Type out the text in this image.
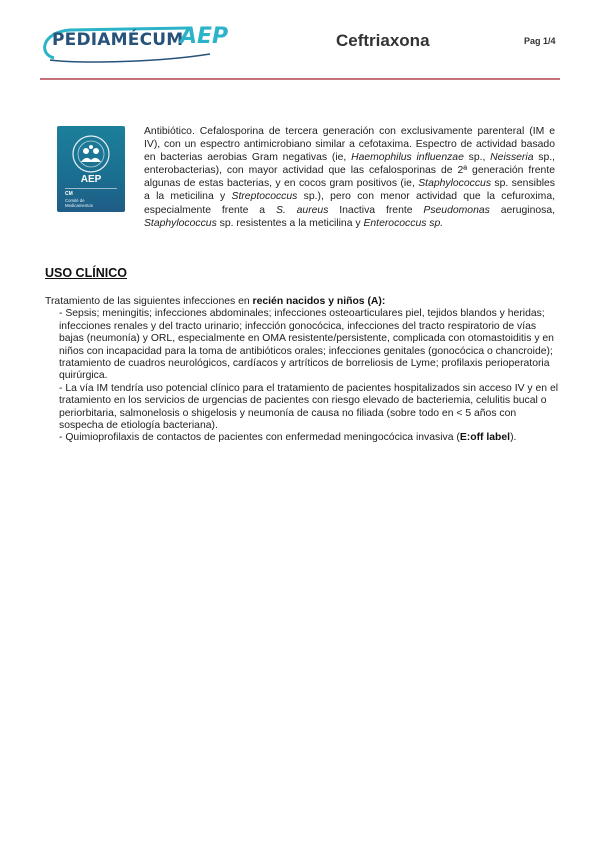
PEDIAMÉCUM
AEP	Ceftriaxona	Pag 1/4
AEP
CM
Comité de
Medicamentos

Antibiótico. Cefalosporina de tercera generación con exclusivamente parenteral (IM e IV), con un espectro antimicrobiano similar a cefotaxima. Espectro de actividad basado en bacterias aerobias Gram negativas (ie, Haemophilus influenzae sp., Neisseria sp., enterobacterias), con mayor actividad que las cefalosporinas de 2ª generación frente algunas de estas bacterias, y en cocos gram positivos (ie, Staphylococcus sp. sensibles a la meticilina y Streptococcus sp.), pero con menor actividad que la cefuroxima, especialmente frente a S. aureus Inactiva frente Pseudomonas aeruginosa, Staphylococcus sp. resistentes a la meticilina y Enterococcus sp.

USO CLÍNICO

Tratamiento de las siguientes infecciones en recién nacidos y niños (A):

- Sepsis; meningitis; infecciones abdominales; infecciones osteoarticulares piel, tejidos blandos y heridas; infecciones renales y del tracto urinario; infección gonocócica, infecciones del tracto respiratorio de vías bajas (neumonía) y ORL, especialmente en OMA resistente/persistente, complicada con otomastoiditis y en niños con incapacidad para la toma de antibióticos orales; infecciones genitales (gonocócica o chancroide); tratamiento de cuadros neurológicos, cardíacos y artríticos de borreliosis de Lyme; profilaxis perioperatoria quirúrgica.

- La vía IM tendría uso potencial clínico para el tratamiento de pacientes hospitalizados sin acceso IV y en el tratamiento en los servicios de urgencias de pacientes con riesgo elevado de bacteriemia, celulitis bucal o periorbitaria, salmonelosis o shigelosis y neumonía de causa no filiada (sobre todo en < 5 años con sospecha de etiología bacteriana).

- Quimioprofilaxis de contactos de pacientes con enfermedad meningocócica invasiva (E:off label).
